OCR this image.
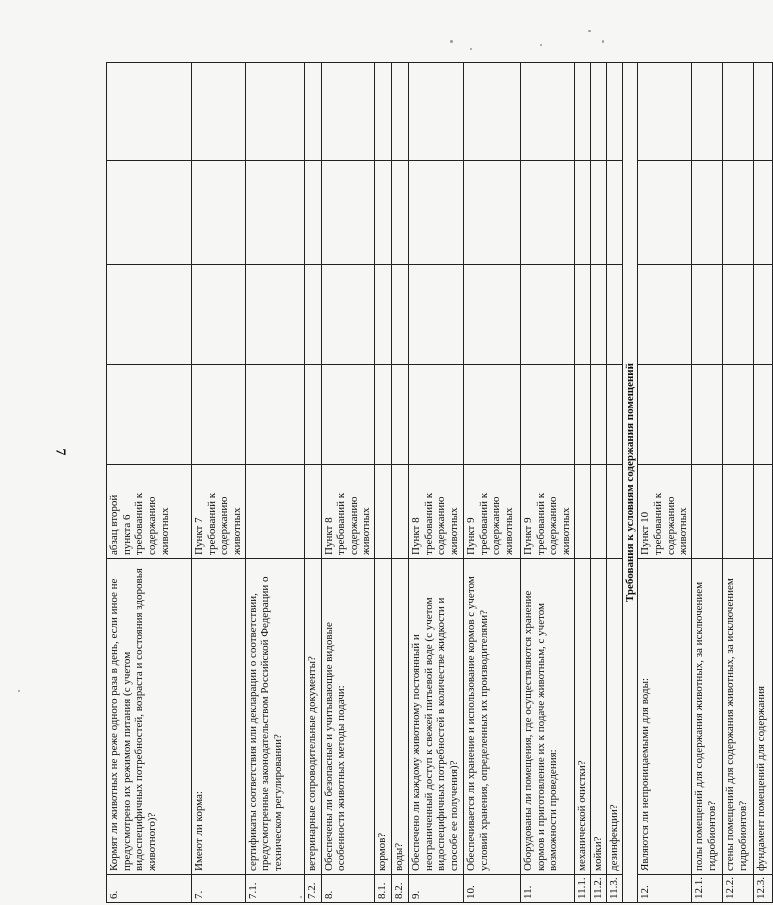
7
6.	Кормят ли животных не реже одного раза в день, если иное не предусмотрено их режимом питания (с учетом видоспецифичных потребностей, возраста и состояния здоровья животного)?	абзац второй пункта 6 требований к содержанию животных				
7.	Имеют ли корма:	Пункт 7 требований к содержанию животных				
7.1.	сертификаты соответствия или декларации о соответствии, предусмотренные законодательством Российской Федерации о техническом регулировании?					
7.2.	ветеринарные сопроводительные документы?					
8.	Обеспечены ли безопасные и учитывающие видовые особенности животных методы подачи:	Пункт 8 требований к содержанию животных				
8.1.	кормов?					
8.2.	воды?					
9.	Обеспечено ли каждому животному постоянный и неограниченный доступ к свежей питьевой воде (с учетом видоспецифичных потребностей в количестве жидкости и способе ее получения)?	Пункт 8 требований к содержанию животных				
10.	Обеспечивается ли хранение и использование кормов с учетом условий хранения, определенных их производителями?	Пункт 9 требований к содержанию животных				
11.	Оборудованы ли помещения, где осуществляются хранение кормов и приготовление их к подаче животным, с учетом возможности проведения:	Пункт 9 требований к содержанию животных				
11.1.	механической очистки?					
11.2.	мойки?					
11.3.	дезинфекции?					
Требования к условиям содержания помещений						
12.	Являются ли непроницаемыми для воды:	Пункт 10 требований к содержанию животных				
12.1.	полы помещений для содержания животных, за исключением гидробионтов?					
12.2.	стены помещений для содержания животных, за исключением гидробионтов?					
12.3.	фундамент помещений для содержания					
